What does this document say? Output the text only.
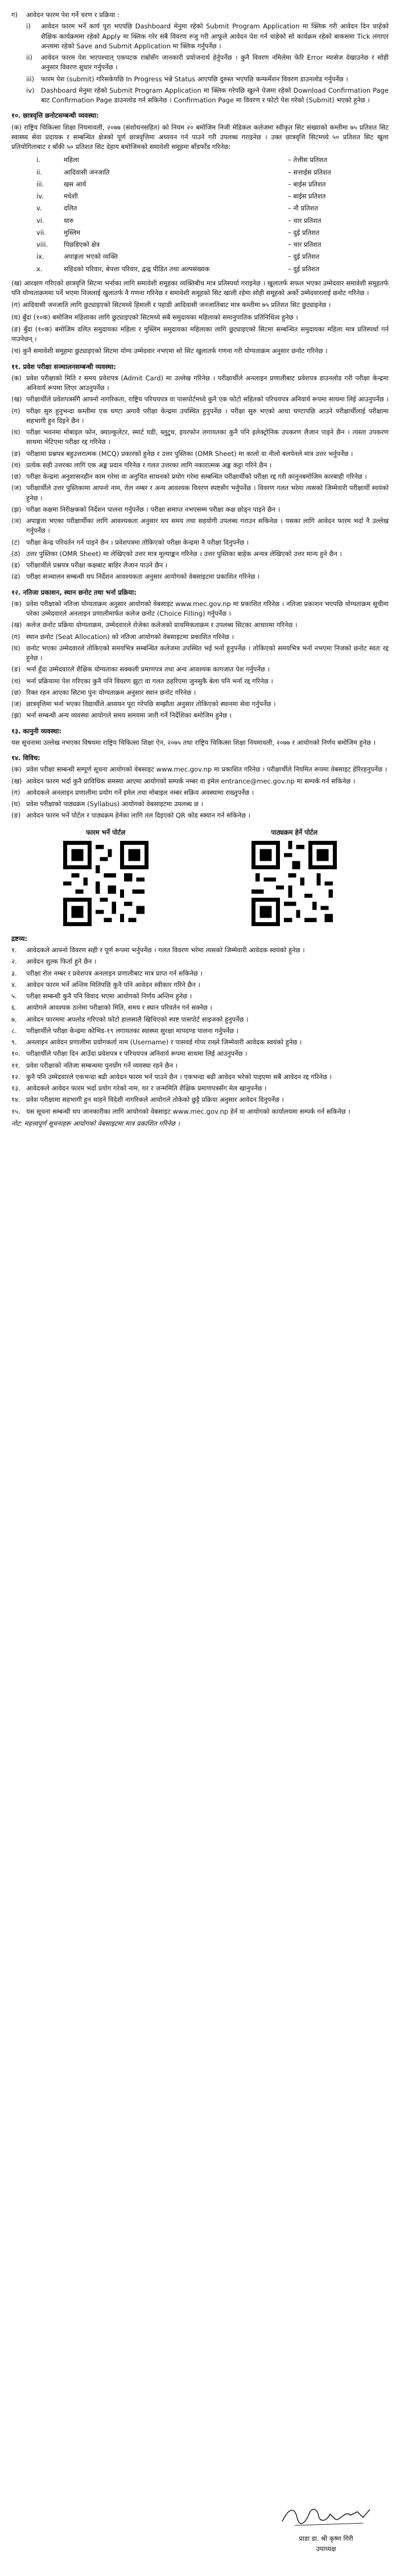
ग)	आवेदन फारम पेश गर्ने चरण र प्रक्रिया :
i)	आवेदन फारम भर्ने कार्य पूरा भएपछि Dashboard मेनुमा रहेको Submit Program Application मा क्लिक गरी आवेदन दिन चाहेको शैक्षिक कार्यक्रममा रहेको Apply मा क्लिक गरेर सबै विवरण रुजु गरी आफूले आवेदन पेश गर्न चाहेको सो कार्यक्रम रहेको बाकसमा Tick लगाएर अन्त्यमा रहेको Save and Submit Application मा क्लिक गर्नुपर्नेछ ।
ii)	आवेदन फारम पेश भएपश्चात् एकपटक राम्रोसँग जानकारी प्रयोजनार्थ हेर्नुपर्नेछ । कुनै विवरण नमिलेमा फेरि Error म्यासेज देखाउनेछ र सोही अनुसार विवरण सुधार गर्नुपर्नेछ ।
iii)	फारम पेश (submit) गरिसकेपछि In Progress भन्ने Status आएपछि दुरुस्त भएपछि कन्फर्मेशन विवरण डाउनलोड गर्नुपर्नेछ ।
iv)	Dashboard मेनुमा रहेको Submit Program Application मा क्लिक गरेपछि खुल्ने पेजमा रहेको Download Confirmation Page बाट Confirmation Page डाउनलोड गर्न सकिनेछ । Confirmation Page मा विवरण र फोटो पेश गरेको (Submit) भएको हुनेछ ।
१०. छात्रवृत्ति छनोटसम्बन्धी व्यवस्था:
(क) राष्ट्रिय चिकित्सा शिक्षा नियमावली, २०७७ (संशोधनसहित) को नियम २० बमोजिम निजी मेडिकल कलेजमा स्वीकृत सिट संख्याको कम्तीमा ७५ प्रतिशत सिट स्वास्थ्य सेवा प्रदायक र सम्बन्धित क्षेत्रको पूर्ण छात्रवृत्तिमा अध्ययन गर्न पाउने गरी उपलब्ध गराइनेछ । उक्त छात्रवृत्ति सिटमध्ये ५० प्रतिशत सिट खुला प्रतियोगिताबाट र बाँकी ५० प्रतिशत सिट देहाय बमोजिमको समावेशी समूहमा बाँडफाँड गरिनेछ:
i.	महिला	– तेत्तीस प्रतिशत
ii.	आदिवासी जनजाति	– सत्ताईस प्रतिशत
iii.	खस आर्य	– बाईस प्रतिशत
iv.	मधेशी	– बाईस प्रतिशत
v.	दलित	– नौ प्रतिशत
vi.	थारु	– चार प्रतिशत
vii.	मुस्लिम	– दुई प्रतिशत
viii.	पिछडिएको क्षेत्र	– चार प्रतिशत
ix.	अपाङ्गता भएको व्यक्ति	– दुई प्रतिशत
x.	सहिदको परिवार, बेपत्ता परिवार, द्वन्द्व पीडित तथा अल्पसंख्यक	– दुई प्रतिशत
(ख) आरक्षण गरिएको छात्रवृत्ति सिटमा भर्नाका लागि समावेशी समूहका व्यक्तिबीच मात्र प्रतिस्पर्धा गराइनेछ । खुलातर्फ सफल भएका उम्मेदवार समावेशी समूहतर्फ पनि योग्यताक्रममा पर्ने भएमा निजलाई खुलातर्फ नै गणना गरिनेछ र समावेशी समूहको सिट खाली रहेमा सोही समूहको अर्को उम्मेदवारलाई छनोट गरिनेछ ।
(ग) आदिवासी जनजाति लागि छुट्याइएको सिटमध्ये हिमाली र पहाडी आदिवासी जनजातिबाट मात्र कम्तीमा ७५ प्रतिशत सिट छुट्याइनेछ ।
(घ) बुँदा (१०क) बमोजिम महिलाका लागि छुट्याइएको सिटमध्ये सबै समुदायका महिलाको समानुपातिक प्रतिनिधित्व हुनेछ ।
(ङ) बुँदा (१०क) बमोजिम दलित समुदायका महिला र मुस्लिम समुदायका महिलाका लागि छुट्याइएको सिटमा सम्बन्धित समुदायका महिला मात्र प्रतिस्पर्धा गर्न पाउनेछन् ।
(च) कुनै समावेशी समूहमा छुट्याइएको सिटमा योग्य उम्मेदवार नभएमा सो सिट खुलातर्फ गणना गरी योग्यताक्रम अनुसार छनोट गरिनेछ ।
११. प्रवेश परीक्षा सञ्चालनसम्बन्धी व्यवस्था:
(क) प्रवेश परीक्षाको मिति र समय प्रवेशपत्र (Admit Card) मा उल्लेख गरिनेछ । परीक्षार्थीले अनलाइन प्रणालीबाट प्रवेशपत्र डाउनलोड गरी परीक्षा केन्द्रमा अनिवार्य रूपमा लिएर आउनुपर्नेछ ।
(ख) परीक्षार्थीले प्रवेशपत्रसँगै आफ्नो नागरिकता, राष्ट्रिय परिचयपत्र वा पासपोर्टमध्ये कुनै एक फोटो सहितको परिचयपत्र अनिवार्य रूपमा साथमा लिई आउनुपर्नेछ ।
(ग) परीक्षा सुरु हुनुभन्दा कम्तीमा एक घण्टा अगावै परीक्षा केन्द्रमा उपस्थित हुनुपर्नेछ । परीक्षा सुरु भएको आधा घण्टापछि आउने परीक्षार्थीलाई परीक्षामा सहभागी हुन दिइने छैन ।
(घ) परीक्षा भवनमा मोबाइल फोन, क्याल्कुलेटर, स्मार्ट घडी, ब्लुटुथ, इयरफोन लगायतका कुनै पनि इलेक्ट्रोनिक उपकरण लैजान पाइने छैन । त्यस्ता उपकरण साथमा भेटिएमा परीक्षा रद्द गरिनेछ ।
(ङ) परीक्षामा प्रश्नपत्र बहुउत्तरात्मक (MCQ) प्रकारको हुनेछ र उत्तर पुस्तिका (OMR Sheet) मा कालो वा नीलो बलपेनले मात्र उत्तर भर्नुपर्नेछ ।
(च) प्रत्येक सही उत्तरका लागि एक अङ्क प्रदान गरिनेछ र गलत उत्तरका लागि नकारात्मक अङ्क कट्टा गरिने छैन ।
(छ) परीक्षा केन्द्रमा अनुशासनहीन काम गरेमा वा अनुचित साधनको प्रयोग गरेमा सम्बन्धित परीक्षार्थीको परीक्षा रद्द गरी कानुनबमोजिम कारबाही गरिनेछ ।
(ज) परीक्षार्थीले उत्तर पुस्तिकामा आफ्नो नाम, रोल नम्बर र अन्य आवश्यक विवरण स्पष्टसँग भर्नुपर्नेछ । विवरण गलत भरेमा त्यसको जिम्मेवारी परीक्षार्थी स्वयंको हुनेछ ।
(झ) परीक्षा कक्षमा निरीक्षकको निर्देशन पालना गर्नुपर्नेछ । परीक्षा समाप्त नभएसम्म परीक्षा कक्ष छोड्न पाइने छैन ।
(ञ) अपाङ्गता भएका परीक्षार्थीका लागि आवश्यकता अनुसार थप समय तथा सहयोगी उपलब्ध गराउन सकिनेछ । यसका लागि आवेदन फारम भर्दा नै उल्लेख गर्नुपर्नेछ ।
(ट) परीक्षा केन्द्र परिवर्तन गर्न पाइने छैन । प्रवेशपत्रमा तोकिएको परीक्षा केन्द्रमा नै परीक्षा दिनुपर्नेछ ।
(ठ) उत्तर पुस्तिका (OMR Sheet) मा लेखिएको उत्तर मात्र मूल्याङ्कन गरिनेछ । उत्तर पुस्तिका बाहेक अन्यत्र लेखिएको उत्तर मान्य हुने छैन ।
(ड) परीक्षार्थीले प्रश्नपत्र परीक्षा कक्षबाट बाहिर लैजान पाउने छैन ।
(ढ) परीक्षा सञ्चालन सम्बन्धी थप निर्देशन आवश्यकता अनुसार आयोगको वेबसाइटमा प्रकाशित गरिनेछ ।
१२. नतिजा प्रकाशन, स्थान छनोट तथा भर्ना प्रक्रिया:
(क) प्रवेश परीक्षाको नतिजा योग्यताक्रम अनुसार आयोगको वेबसाइट www.mec.gov.np मा प्रकाशित गरिनेछ । नतिजा प्रकाशन भएपछि योग्यताक्रम सूचीमा परेका उम्मेदवारले अनलाइन प्रणालीमार्फत कलेज छनोट (Choice Filling) गर्नुपर्नेछ ।
(ख) कलेज छनोट प्रक्रिया योग्यताक्रम, उम्मेदवारले रोजेका कलेजको प्राथमिकताक्रम र उपलब्ध सिटका आधारमा गरिनेछ ।
(ग) स्थान छनोट (Seat Allocation) को नतिजा आयोगको वेबसाइटमा प्रकाशित गरिनेछ ।
(घ) छनोट भएका उम्मेदवारले तोकिएको समयभित्र सम्बन्धित कलेजमा उपस्थित भई भर्ना हुनुपर्नेछ । तोकिएको समयभित्र भर्ना नभएमा निजको छनोट स्वतः रद्द हुनेछ ।
(ङ) भर्ना हुँदा उम्मेदवारले शैक्षिक योग्यताका सक्कली प्रमाणपत्र तथा अन्य आवश्यक कागजात पेश गर्नुपर्नेछ ।
(च) भर्ना प्रक्रियामा पेश गरिएका कुनै पनि विवरण झुटा वा गलत ठहरिएमा जुनसुकै बेला पनि भर्ना रद्द गरिनेछ ।
(छ) रिक्त रहन आएका सिटमा पुनः योग्यताक्रम अनुसार स्थान छनोट गरिनेछ ।
(ज) छात्रवृत्तिमा भर्ना भएका विद्यार्थीले अध्ययन पूरा गरेपछि सम्झौता अनुसार तोकिएको स्थानमा सेवा गर्नुपर्नेछ ।
(झ) भर्ना सम्बन्धी अन्य व्यवस्था आयोगले समय समयमा जारी गर्ने निर्देशिका बमोजिम हुनेछ ।
१३. कानुनी व्यवस्था:
यस सूचनामा उल्लेख नभएका विषयमा राष्ट्रिय चिकित्सा शिक्षा ऐन, २०७५ तथा राष्ट्रिय चिकित्सा शिक्षा नियमावली, २०७७ र आयोगको निर्णय बमोजिम हुनेछ ।
१४. विविध:
(क) प्रवेश परीक्षा सम्बन्धी सम्पूर्ण सूचना आयोगको वेबसाइट www.mec.gov.np मा प्रकाशित गरिनेछ । परीक्षार्थीले नियमित रूपमा वेबसाइट हेरिरहनुपर्नेछ ।
(ख) आवेदन फारम भर्दा कुनै प्राविधिक समस्या आएमा आयोगको सम्पर्क नम्बर वा इमेल entrance@mec.gov.np मा सम्पर्क गर्न सकिनेछ ।
(ग) आवेदकले अनलाइन प्रणालीमा प्रयोग गर्ने इमेल तथा मोबाइल नम्बर सक्रिय अवस्थामा राख्नुपर्नेछ ।
(घ) प्रवेश परीक्षाको पाठ्यक्रम (Syllabus) आयोगको वेबसाइटमा उपलब्ध छ ।
(ङ) आवेदन फारम भर्ने पोर्टल र पाठ्यक्रम हेर्नका लागि तल दिइएको QR कोड स्क्यान गर्न सकिनेछ ।
फारम भर्ने पोर्टल	पाठ्यक्रम हेर्ने पोर्टल
द्रष्टव्य:
१.	आवेदकले आफ्नो विवरण सही र पूर्ण रूपमा भर्नुपर्नेछ । गलत विवरण भरेमा त्यसको जिम्मेवारी आवेदक स्वयंको हुनेछ ।
२.	आवेदन शुल्क फिर्ता हुने छैन ।
३.	परीक्षा रोल नम्बर र प्रवेशपत्र अनलाइन प्रणालीबाट मात्र प्राप्त गर्न सकिनेछ ।
४.	आवेदन फारम भर्ने अन्तिम मितिपछि कुनै पनि आवेदन स्वीकार गरिने छैन ।
५.	परीक्षा सम्बन्धी कुनै पनि विवाद भएमा आयोगको निर्णय अन्तिम हुनेछ ।
६.	आयोगले आवश्यक ठानेमा परीक्षाको मिति, समय र स्थान परिवर्तन गर्न सक्नेछ ।
७.	आवेदन फारममा अपलोड गरिएको फोटो हालसालै खिचिएको स्पष्ट पासपोर्ट साइजको हुनुपर्नेछ ।
८.	परीक्षार्थीले परीक्षा केन्द्रमा कोभिड-१९ लगायतका स्वास्थ्य सुरक्षा मापदण्ड पालना गर्नुपर्नेछ ।
९.	अनलाइन आवेदन प्रणालीमा प्रयोगकर्ता नाम (Username) र पासवर्ड गोप्य राख्ने जिम्मेवारी आवेदक स्वयंको हुनेछ ।
१०. परीक्षार्थीले परीक्षा दिन आउँदा प्रवेशपत्र र परिचयपत्र अनिवार्य रूपमा साथमा लिई आउनुपर्नेछ ।
११. प्रवेश परीक्षाको नतिजा सम्बन्धमा पुनर्योग गर्ने व्यवस्था रहने छैन ।
१२. कुनै पनि उम्मेदवारले एकभन्दा बढी आवेदन फारम भर्न पाउने छैन । एकभन्दा बढी आवेदन भरेको पाइएमा सबै आवेदन रद्द गरिनेछ ।
१३. आवेदकले आवेदन फारम भर्दा प्रयोग गरेको नाम, थर र जन्ममिति शैक्षिक प्रमाणपत्रसँग मेल खानुपर्नेछ ।
१४. प्रवेश परीक्षामा सहभागी हुन चाहने विदेशी नागरिकले आयोगले तोकेको छुट्टै प्रक्रिया अनुसार आवेदन दिनुपर्नेछ ।
१५. यस सूचना सम्बन्धी थप जानकारीका लागि आयोगको वेबसाइट www.mec.gov.np हेर्न वा आयोगको कार्यालयमा सम्पर्क गर्न सकिनेछ ।
नोट: महत्त्वपूर्ण सूचनाहरू आयोगको वेबसाइटमा मात्र प्रकाशित गरिनेछ ।
प्राडा डा. श्री कृष्ण गिरी
उपाध्यक्ष
